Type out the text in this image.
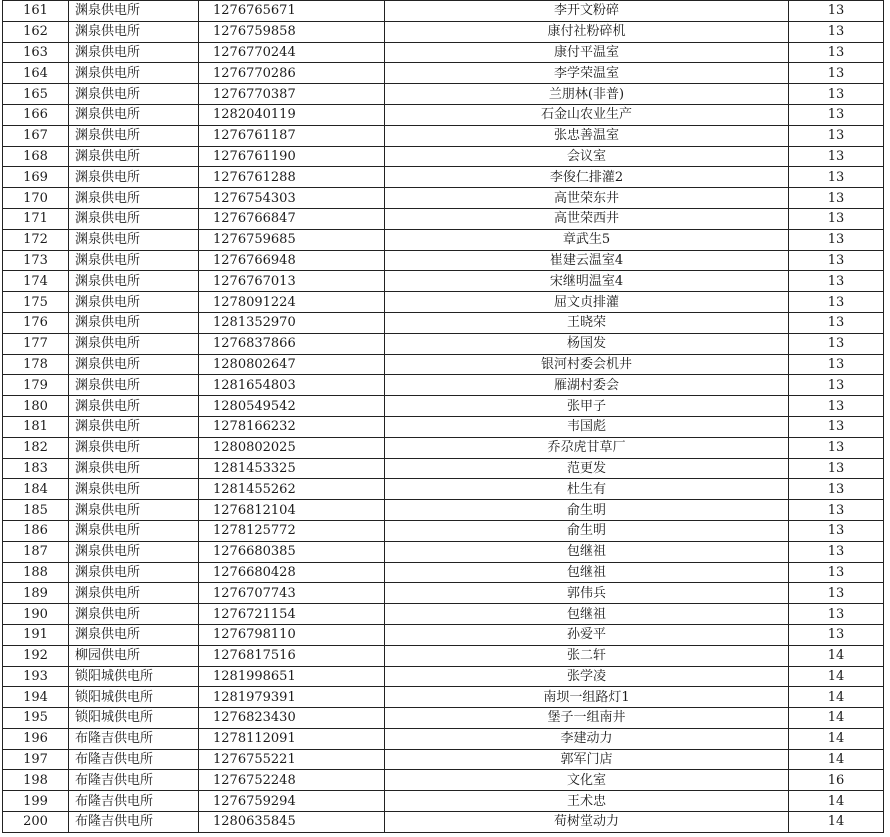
161	渊泉供电所	1276765671	李开文粉碎	13
162	渊泉供电所	1276759858	康付社粉碎机	13
163	渊泉供电所	1276770244	康付平温室	13
164	渊泉供电所	1276770286	李学荣温室	13
165	渊泉供电所	1276770387	兰朋林(非普)	13
166	渊泉供电所	1282040119	石金山农业生产	13
167	渊泉供电所	1276761187	张忠善温室	13
168	渊泉供电所	1276761190	会议室	13
169	渊泉供电所	1276761288	李俊仁排灌2	13
170	渊泉供电所	1276754303	高世荣东井	13
171	渊泉供电所	1276766847	高世荣西井	13
172	渊泉供电所	1276759685	章武生5	13
173	渊泉供电所	1276766948	崔建云温室4	13
174	渊泉供电所	1276767013	宋继明温室4	13
175	渊泉供电所	1278091224	屈文贞排灌	13
176	渊泉供电所	1281352970	王晓荣	13
177	渊泉供电所	1276837866	杨国发	13
178	渊泉供电所	1280802647	银河村委会机井	13
179	渊泉供电所	1281654803	雁湖村委会	13
180	渊泉供电所	1280549542	张甲子	13
181	渊泉供电所	1278166232	韦国彪	13
182	渊泉供电所	1280802025	乔尕虎甘草厂	13
183	渊泉供电所	1281453325	范更发	13
184	渊泉供电所	1281455262	杜生有	13
185	渊泉供电所	1276812104	俞生明	13
186	渊泉供电所	1278125772	俞生明	13
187	渊泉供电所	1276680385	包继祖	13
188	渊泉供电所	1276680428	包继祖	13
189	渊泉供电所	1276707743	郭伟兵	13
190	渊泉供电所	1276721154	包继祖	13
191	渊泉供电所	1276798110	孙爱平	13
192	柳园供电所	1276817516	张二轩	14
193	锁阳城供电所	1281998651	张学凌	14
194	锁阳城供电所	1281979391	南坝一组路灯1	14
195	锁阳城供电所	1276823430	堡子一组南井	14
196	布隆吉供电所	1278112091	李建动力	14
197	布隆吉供电所	1276755221	郭军门店	14
198	布隆吉供电所	1276752248	文化室	16
199	布隆吉供电所	1276759294	王术忠	14
200	布隆吉供电所	1280635845	荀树堂动力	14
